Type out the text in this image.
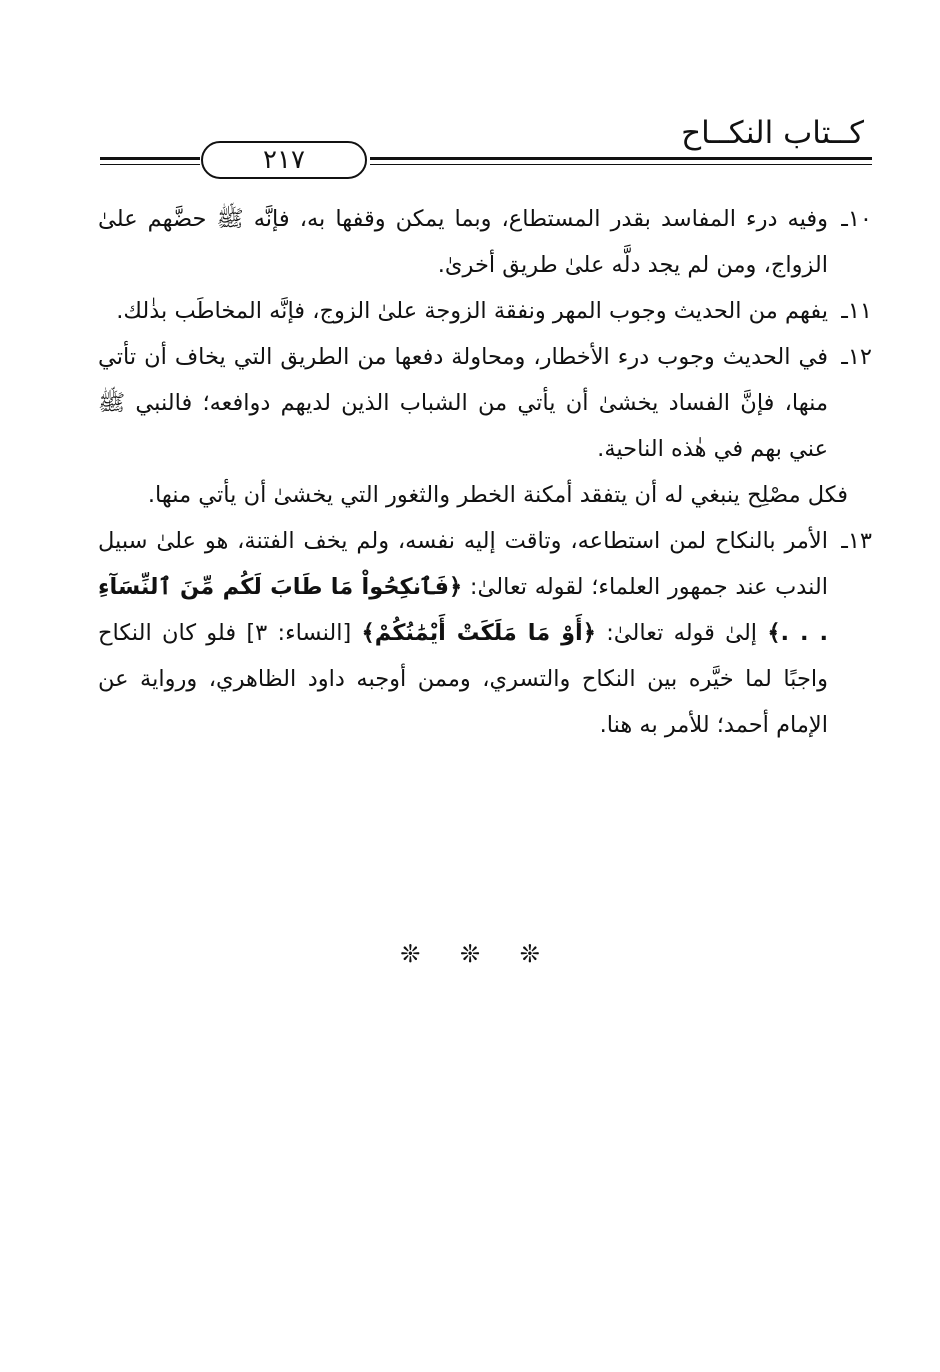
كــتاب النكــاح
٢١٧

١٠ـ
وفيه درء المفاسد بقدر المستطاع، وبما يمكن وقفها به، فإنَّه ﷺ حضَّهم علىٰ الزواج، ومن لم يجد دلَّه علىٰ طريق أخرىٰ.

١١ـ
يفهم من الحديث وجوب المهر ونفقة الزوجة علىٰ الزوج، فإنَّه المخاطَب بذٰلك.

١٢ـ
في الحديث وجوب درء الأخطار، ومحاولة دفعها من الطريق التي يخاف أن تأتي منها، فإنَّ الفساد يخشىٰ أن يأتي من الشباب الذين لديهم دوافعه؛ فالنبي ﷺ عني بهم في هٰذه الناحية.

فكل مصْلِح ينبغي له أن يتفقد أمكنة الخطر والثغور التي يخشىٰ أن يأتي منها.

١٣ـ
الأمر بالنكاح لمن استطاعه، وتاقت إليه نفسه، ولم يخف الفتنة، هو علىٰ سبيل الندب عند جمهور العلماء؛ لقوله تعالىٰ: ﴿فَٱنكِحُواْ مَا طَابَ لَكُم مِّنَ ٱلنِّسَآءِ . . .﴾ إلىٰ قوله تعالىٰ: ﴿أَوْ مَا مَلَكَتْ أَيْمَٰنُكُمْ﴾ [النساء: ٣] فلو كان النكاح واجبًا لما خيَّره بين النكاح والتسري، وممن أوجبه داود الظاهري، ورواية عن الإمام أحمد؛ للأمر به هنا.

❊ ❊ ❊
